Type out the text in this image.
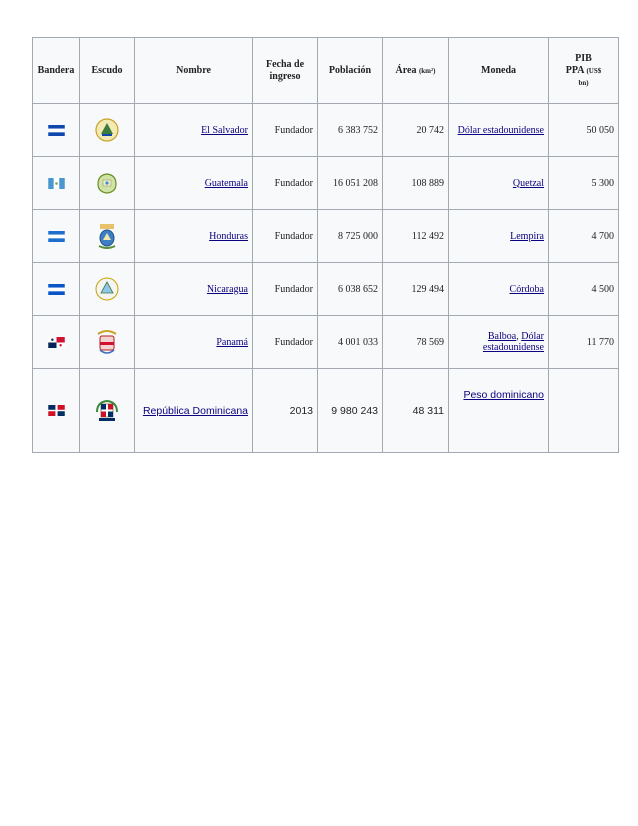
Bandera	Escudo	Nombre	Fecha de
ingreso	Población	Área (km²)	Moneda	PIB
PPA (US$
bn)
		El Salvador	Fundador	6 383 752	20 742	Dólar estadounidense	50 050
		Guatemala	Fundador	16 051 208	108 889	Quetzal	5 300
		Honduras	Fundador	8 725 000	112 492	Lempira	4 700
		Nicaragua	Fundador	6 038 652	129 494	Córdoba	4 500
		Panamá	Fundador	4 001 033	78 569	Balboa, Dólar estadounidense	11 770
		República Dominicana	2013	9 980 243	48 311	Peso dominicano	
